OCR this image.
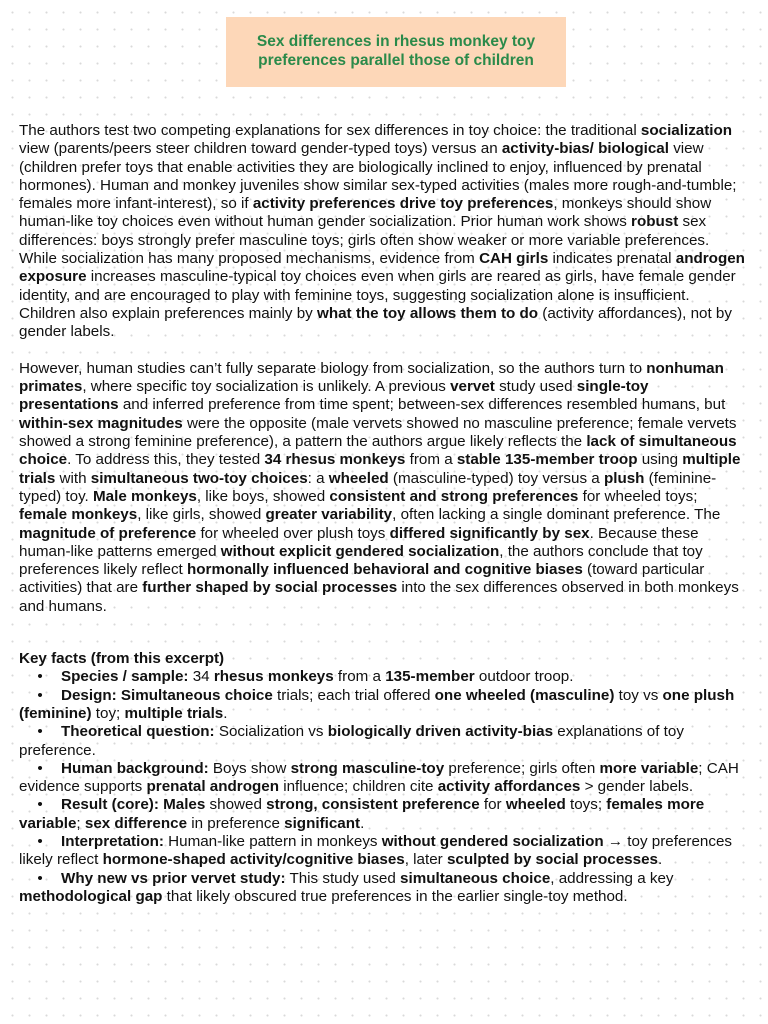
Sex differences in rhesus monkey toy preferences parallel those of children

The authors test two competing explanations for sex differences in toy choice: the traditional socialization view (parents/peers steer children toward gender-typed toys) versus an activity-bias/ biological view (children prefer toys that enable activities they are biologically inclined to enjoy, influenced by prenatal hormones). Human and monkey juveniles show similar sex-typed activities (males more rough-and-tumble; females more infant-interest), so if activity preferences drive toy preferences, monkeys should show human-like toy choices even without human gender socialization. Prior human work shows robust sex differences: boys strongly prefer masculine toys; girls often show weaker or more variable preferences. While socialization has many proposed mechanisms, evidence from CAH girls indicates prenatal androgen exposure increases masculine-typical toy choices even when girls are reared as girls, have female gender identity, and are encouraged to play with feminine toys, suggesting socialization alone is insufficient. Children also explain preferences mainly by what the toy allows them to do (activity affordances), not by gender labels.

However, human studies can’t fully separate biology from socialization, so the authors turn to nonhuman primates, where specific toy socialization is unlikely. A previous vervet study used single-toy presentations and inferred preference from time spent; between-sex differences resembled humans, but within-sex magnitudes were the opposite (male vervets showed no masculine preference; female vervets showed a strong feminine preference), a pattern the authors argue likely reflects the lack of simultaneous choice. To address this, they tested 34 rhesus monkeys from a stable 135-member troop using multiple trials with simultaneous two-toy choices: a wheeled (masculine-typed) toy versus a plush (feminine-typed) toy. Male monkeys, like boys, showed consistent and strong preferences for wheeled toys; female monkeys, like girls, showed greater variability, often lacking a single dominant preference. The magnitude of preference for wheeled over plush toys differed significantly by sex. Because these human-like patterns emerged without explicit gendered socialization, the authors conclude that toy preferences likely reflect hormonally influenced behavioral and cognitive biases (toward particular activities) that are further shaped by social processes into the sex differences observed in both monkeys and humans.

Key facts (from this excerpt)
• Species / sample: 34 rhesus monkeys from a 135-member outdoor troop.
• Design: Simultaneous choice trials; each trial offered one wheeled (masculine) toy vs one plush (feminine) toy; multiple trials.
• Theoretical question: Socialization vs biologically driven activity-bias explanations of toy preference.
• Human background: Boys show strong masculine-toy preference; girls often more variable; CAH evidence supports prenatal androgen influence; children cite activity affordances > gender labels.
• Result (core): Males showed strong, consistent preference for wheeled toys; females more variable; sex difference in preference significant.
• Interpretation: Human-like pattern in monkeys without gendered socialization → toy preferences likely reflect hormone-shaped activity/cognitive biases, later sculpted by social processes.
• Why new vs prior vervet study: This study used simultaneous choice, addressing a key methodological gap that likely obscured true preferences in the earlier single-toy method.
